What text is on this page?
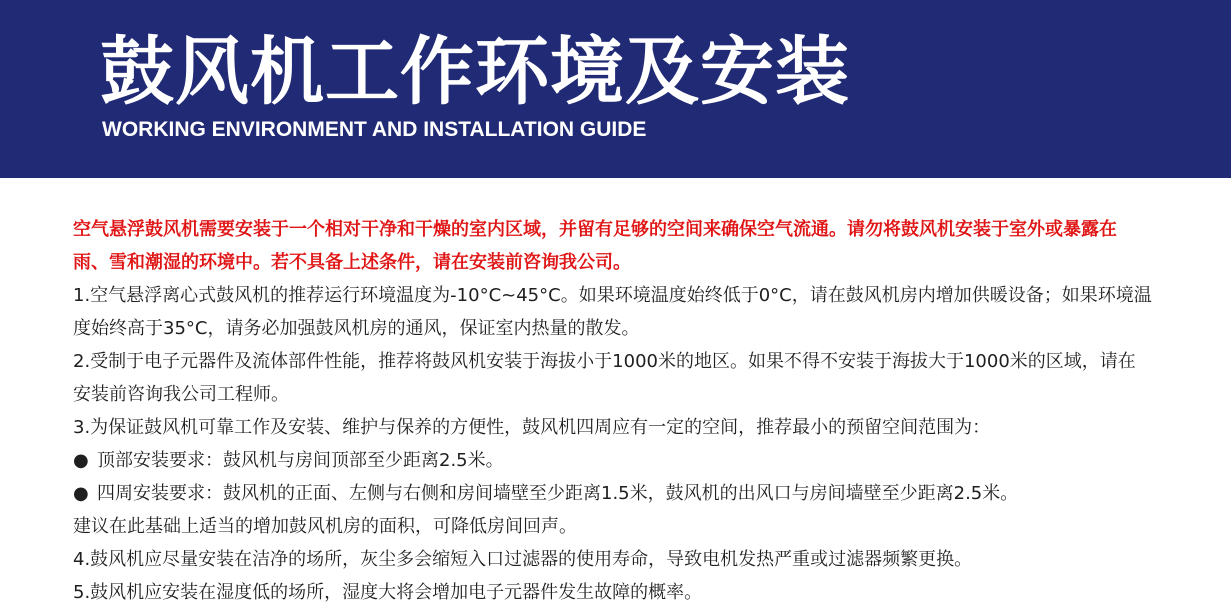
鼓风机工作环境及安装
WORKING ENVIRONMENT AND INSTALLATION GUIDE
空气悬浮鼓风机需要安装于一个相对干净和干燥的室内区域，并留有足够的空间来确保空气流通。请勿将鼓风机安装于室外或暴露在
雨、雪和潮湿的环境中。若不具备上述条件，请在安装前咨询我公司。
1.空气悬浮离心式鼓风机的推荐运行环境温度为-10°C~45°C。如果环境温度始终低于0°C，请在鼓风机房内增加供暖设备；如果环境温
度始终高于35°C，请务必加强鼓风机房的通风，保证室内热量的散发。
2.受制于电子元器件及流体部件性能，推荐将鼓风机安装于海拔小于1000米的地区。如果不得不安装于海拔大于1000米的区域，请在
安装前咨询我公司工程师。
3.为保证鼓风机可靠工作及安装、维护与保养的方便性，鼓风机四周应有一定的空间，推荐最小的预留空间范围为：
● 顶部安装要求：鼓风机与房间顶部至少距离2.5米。
● 四周安装要求：鼓风机的正面、左侧与右侧和房间墙壁至少距离1.5米，鼓风机的出风口与房间墙壁至少距离2.5米。
建议在此基础上适当的增加鼓风机房的面积，可降低房间回声。
4.鼓风机应尽量安装在洁净的场所，灰尘多会缩短入口过滤器的使用寿命，导致电机发热严重或过滤器频繁更换。
5.鼓风机应安装在湿度低的场所，湿度大将会增加电子元器件发生故障的概率。
